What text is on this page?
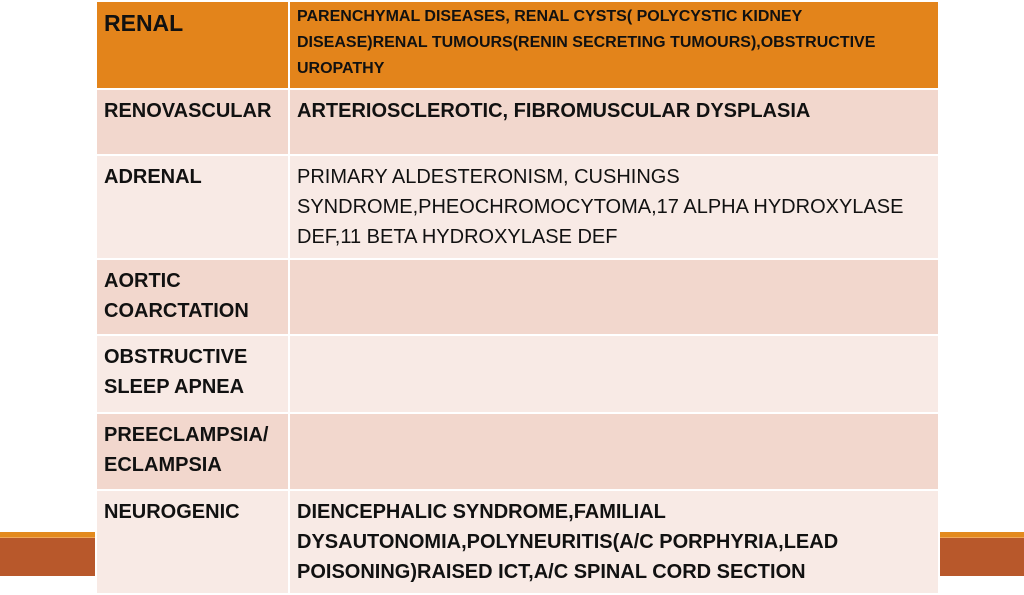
RENAL	PARENCHYMAL DISEASES, RENAL CYSTS( POLYCYSTIC KIDNEY DISEASE)RENAL TUMOURS(RENIN SECRETING TUMOURS),OBSTRUCTIVE UROPATHY
RENOVASCULAR	ARTERIOSCLEROTIC, FIBROMUSCULAR DYSPLASIA
ADRENAL	PRIMARY ALDESTERONISM, CUSHINGS SYNDROME,PHEOCHROMOCYTOMA,17 ALPHA HYDROXYLASE DEF,11 BETA HYDROXYLASE DEF
AORTIC COARCTATION	
OBSTRUCTIVE SLEEP APNEA	
PREECLAMPSIA/ ECLAMPSIA	
NEUROGENIC	DIENCEPHALIC SYNDROME,FAMILIAL DYSAUTONOMIA,POLYNEURITIS(A/C PORPHYRIA,LEAD POISONING)RAISED ICT,A/C SPINAL CORD SECTION
